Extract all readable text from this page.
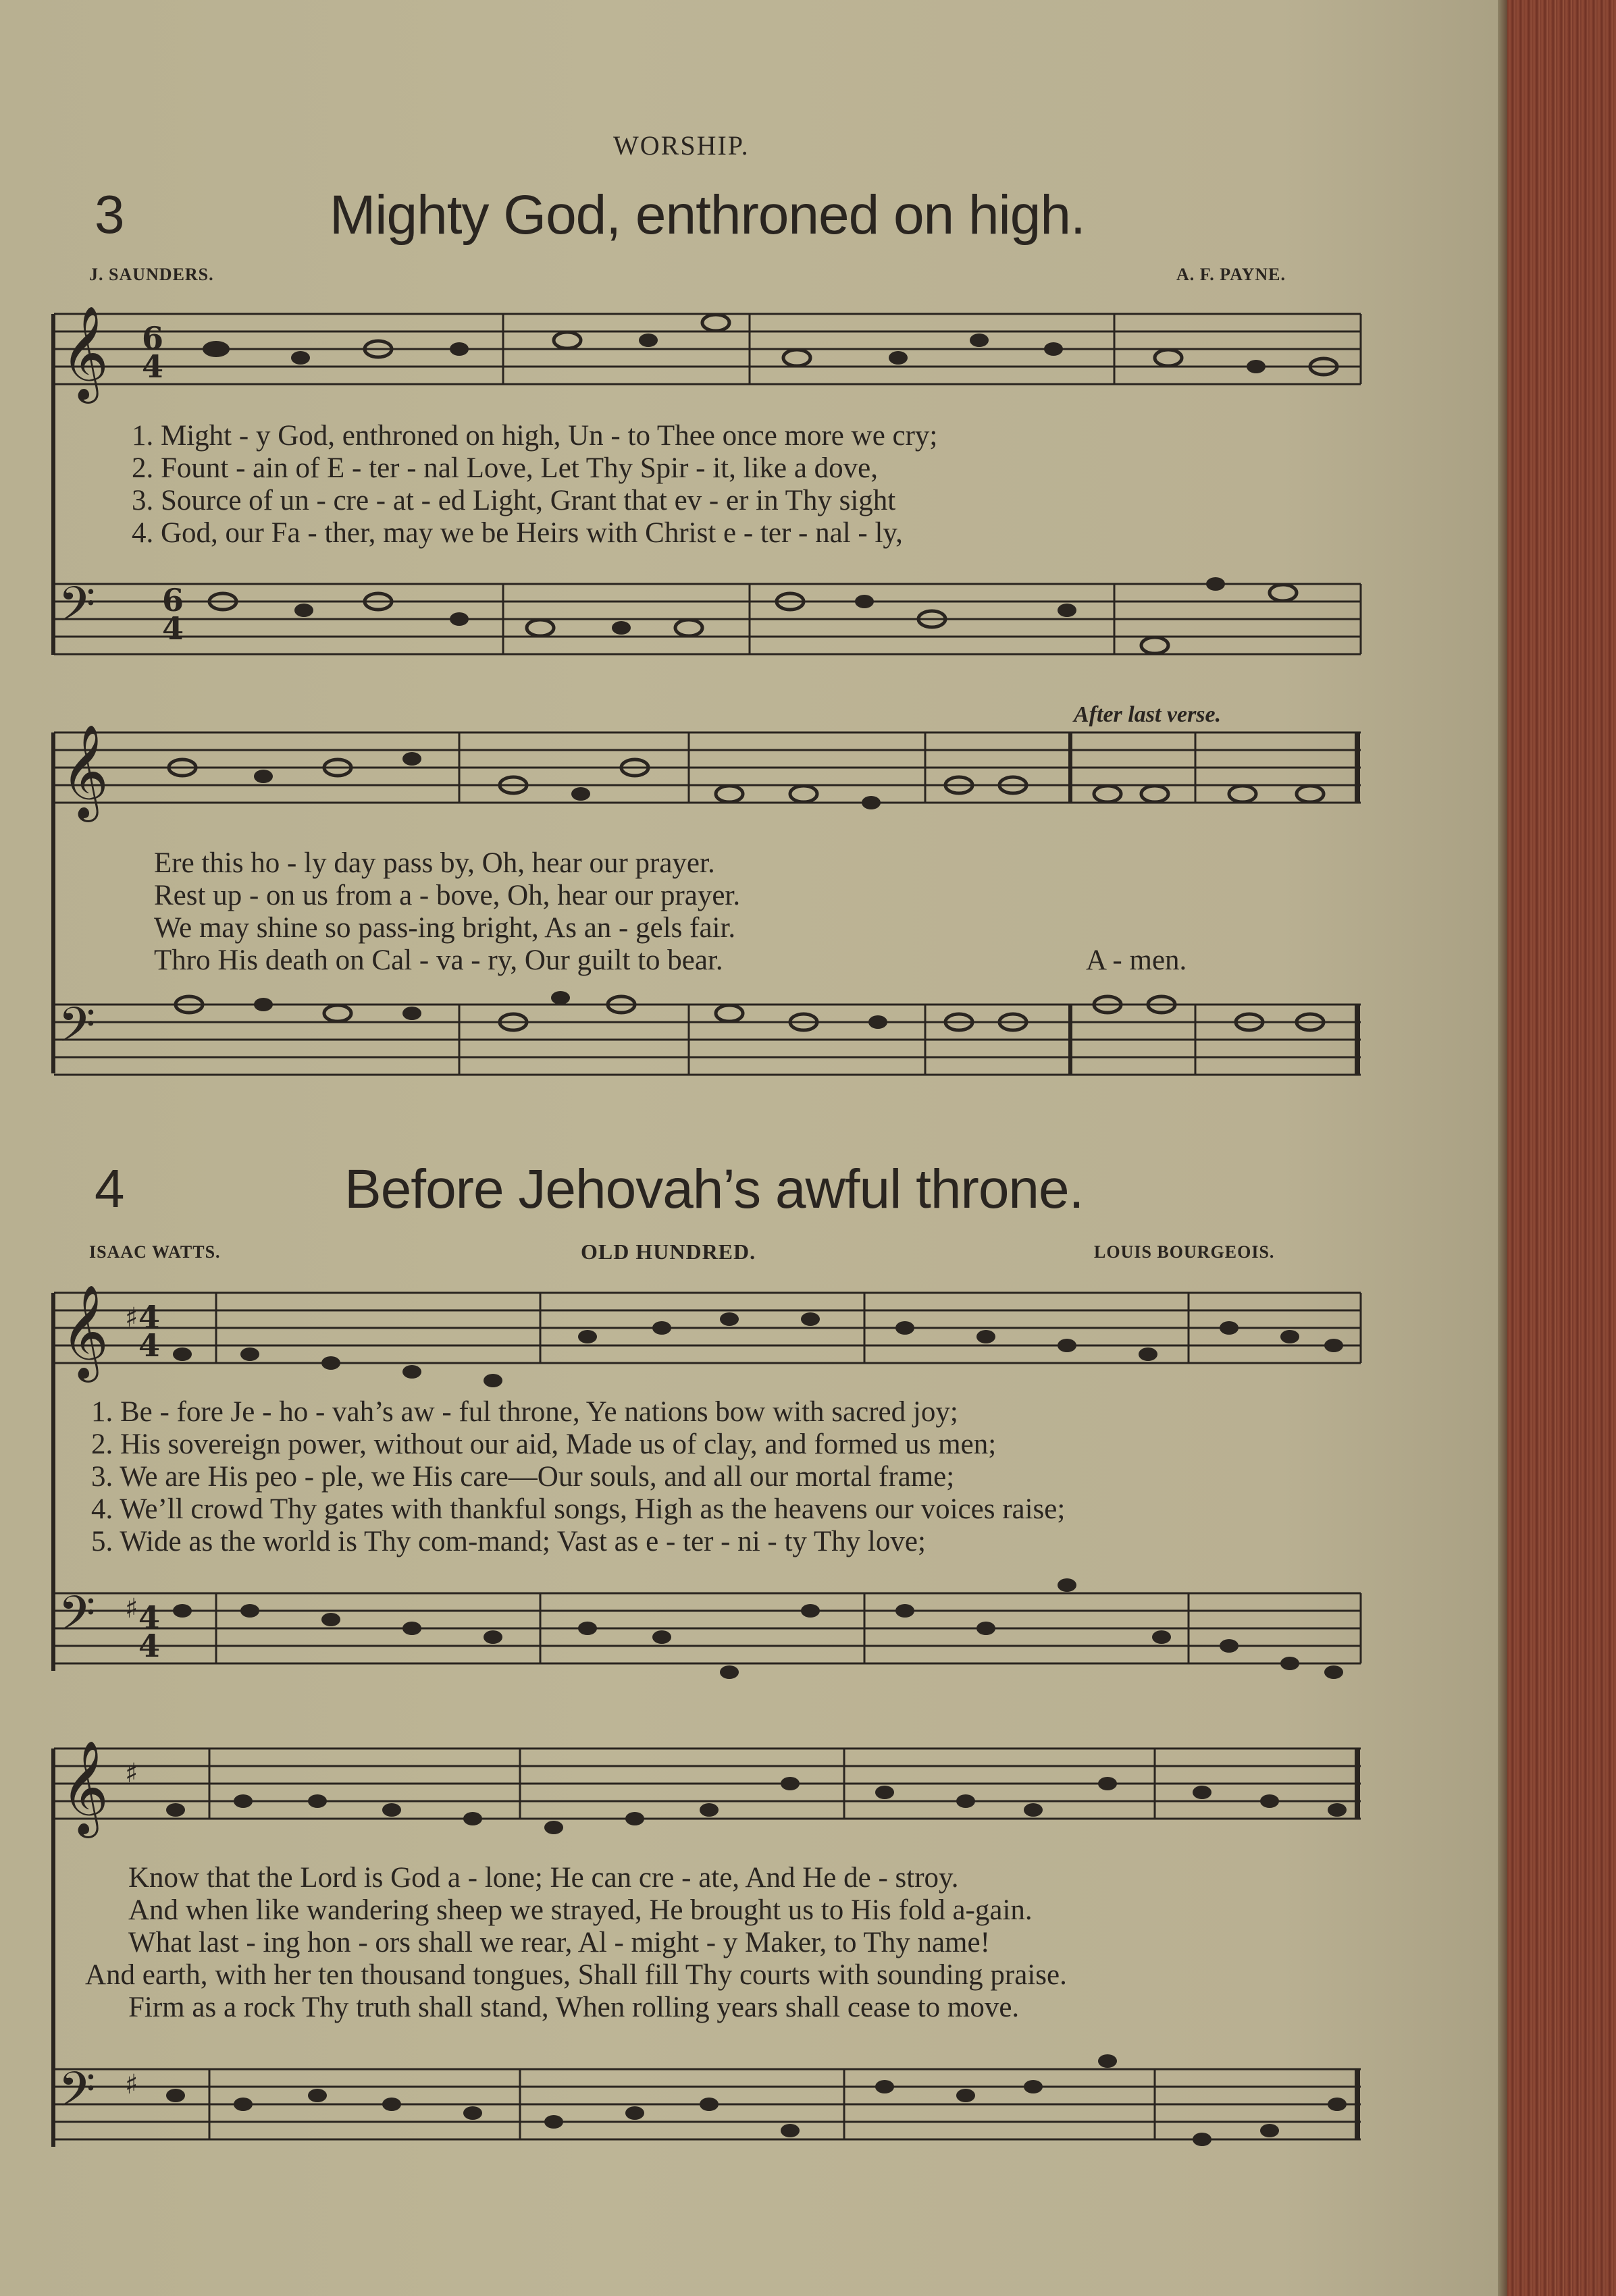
WORSHIP.
3	Mighty God, enthroned on high.
J. SAUNDERS.	A. F. PAYNE.
𝄞 6
4
1. Might - y God, enthroned on high, Un - to Thee once more we cry;
2. Fount - ain of E - ter - nal Love, Let Thy Spir - it, like a dove,
3. Source of un - cre - at - ed Light, Grant that ev - er in Thy sight
4. God, our Fa - ther, may we be Heirs with Christ e - ter - nal - ly,
𝄢 6
4
After last verse.
𝄞
Ere this ho - ly day pass by, Oh, hear our prayer.
Rest up - on us from a - bove, Oh, hear our prayer.
We may shine so pass-ing bright, As an - gels fair.
Thro His death on Cal - va - ry, Our guilt to bear.	A - men.
𝄢
4	Before Jehovah’s awful throne.
ISAAC WATTS.	OLD HUNDRED.	LOUIS BOURGEOIS.
𝄞 ♯ 4
4
1. Be - fore Je - ho - vah’s aw - ful throne, Ye nations bow with sacred joy;
2. His sovereign power, without our aid, Made us of clay, and formed us men;
3. We are His peo - ple, we His care—Our souls, and all our mortal frame;
4. We’ll crowd Thy gates with thankful songs, High as the heavens our voices raise;
5. Wide as the world is Thy com-mand; Vast as e - ter - ni - ty Thy love;
𝄢 ♯ 4
4
𝄞 ♯
Know that the Lord is God a - lone; He can cre - ate, And He de - stroy.
And when like wandering sheep we strayed, He brought us to His fold a-gain.
What last - ing hon - ors shall we rear, Al - might - y Maker, to Thy name!
And earth, with her ten thousand tongues, Shall fill Thy courts with sounding praise.
Firm as a rock Thy truth shall stand, When rolling years shall cease to move.
𝄢 ♯
